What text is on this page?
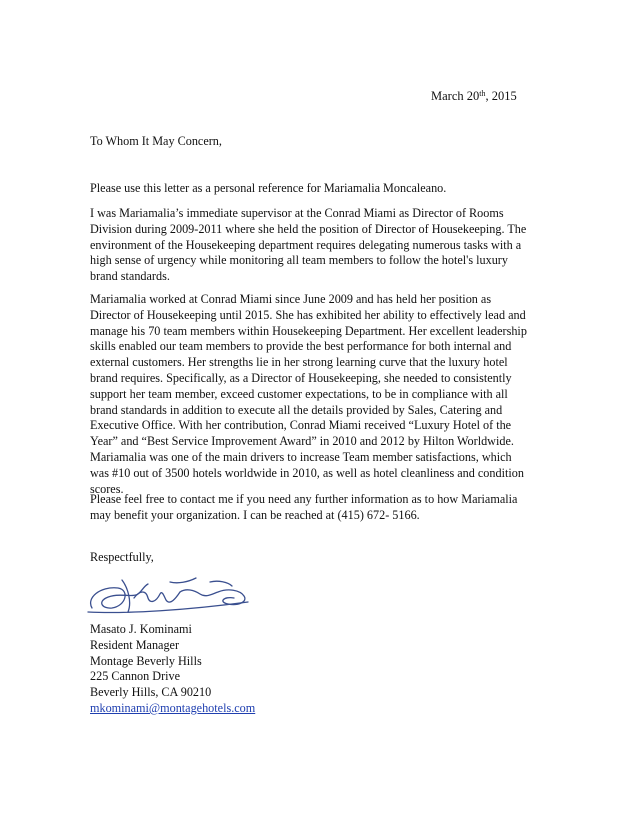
March 20th, 2015

To Whom It May Concern,

Please use this letter as a personal reference for Mariamalia Moncaleano.

I was Mariamalia’s immediate supervisor at the Conrad Miami as Director of Rooms
Division during 2009-2011 where she held the position of Director of Housekeeping. The
environment of the Housekeeping department requires delegating numerous tasks with a
high sense of urgency while monitoring all team members to follow the hotel's luxury
brand standards.

Mariamalia worked at Conrad Miami since June 2009 and has held her position as
Director of Housekeeping until 2015. She has exhibited her ability to effectively lead and
manage his 70 team members within Housekeeping Department. Her excellent leadership
skills enabled our team members to provide the best performance for both internal and
external customers. Her strengths lie in her strong learning curve that the luxury hotel
brand requires. Specifically, as a Director of Housekeeping, she needed to consistently
support her team member, exceed customer expectations, to be in compliance with all
brand standards in addition to execute all the details provided by Sales, Catering and
Executive Office. With her contribution, Conrad Miami received “Luxury Hotel of the
Year” and “Best Service Improvement Award” in 2010 and 2012 by Hilton Worldwide.
Mariamalia was one of the main drivers to increase Team member satisfactions, which
was #10 out of 3500 hotels worldwide in 2010, as well as hotel cleanliness and condition
scores.

Please feel free to contact me if you need any further information as to how Mariamalia
may benefit your organization. I can be reached at (415) 672- 5166.

Respectfully,

Masato J. Kominami
Resident Manager
Montage Beverly Hills
225 Cannon Drive
Beverly Hills, CA 90210
mkominami@montagehotels.com
